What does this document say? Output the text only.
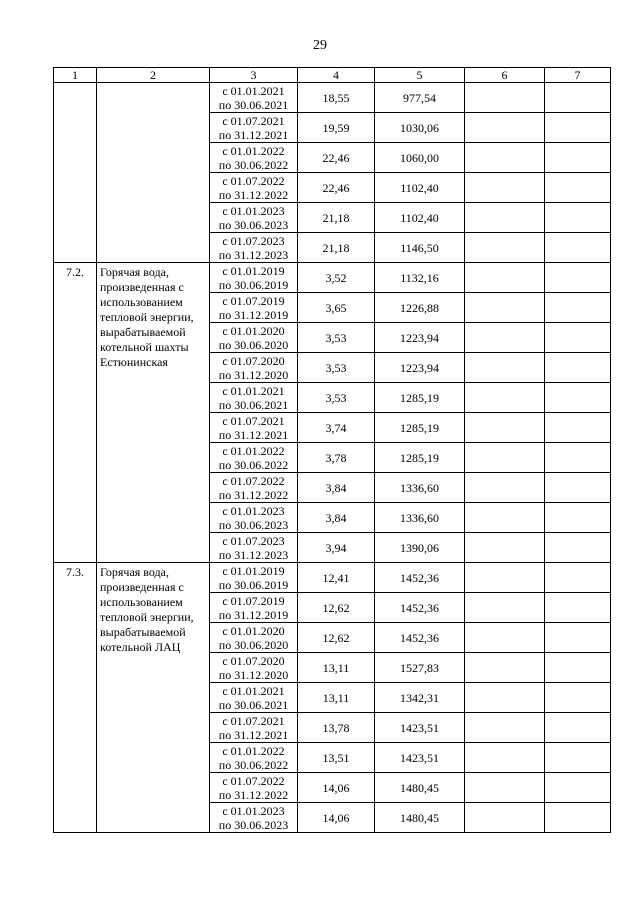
29
1	2	3	4	5	6	7

		с 01.01.2021
по 30.06.2021	18,55	977,54		

		с 01.07.2021
по 31.12.2021	19,59	1030,06		

		с 01.01.2022
по 30.06.2022	22,46	1060,00		

		с 01.07.2022
по 31.12.2022	22,46	1102,40		

		с 01.01.2023
по 30.06.2023	21,18	1102,40		

		с 01.07.2023
по 31.12.2023	21,18	1146,50		
7.2.	Горячая вода, произведенная с использованием тепловой энергии, вырабатываемой котельной шахты Естюнинская	с 01.01.2019
по 30.06.2019	3,52	1132,16		

		с 01.07.2019
по 31.12.2019	3,65	1226,88		

		с 01.01.2020
по 30.06.2020	3,53	1223,94		

		с 01.07.2020
по 31.12.2020	3,53	1223,94		

		с 01.01.2021
по 30.06.2021	3,53	1285,19		

		с 01.07.2021
по 31.12.2021	3,74	1285,19		

		с 01.01.2022
по 30.06.2022	3,78	1285,19		

		с 01.07.2022
по 31.12.2022	3,84	1336,60		

		с 01.01.2023
по 30.06.2023	3,84	1336,60		

		с 01.07.2023
по 31.12.2023	3,94	1390,06		
7.3.	Горячая вода, произведенная с использованием тепловой энергии, вырабатываемой котельной ЛАЦ	с 01.01.2019
по 30.06.2019	12,41	1452,36		

		с 01.07.2019
по 31.12.2019	12,62	1452,36		

		с 01.01.2020
по 30.06.2020	12,62	1452,36		

		с 01.07.2020
по 31.12.2020	13,11	1527,83		

		с 01.01.2021
по 30.06.2021	13,11	1342,31		

		с 01.07.2021
по 31.12.2021	13,78	1423,51		

		с 01.01.2022
по 30.06.2022	13,51	1423,51		

		с 01.07.2022
по 31.12.2022	14,06	1480,45		

		с 01.01.2023
по 30.06.2023	14,06	1480,45		
